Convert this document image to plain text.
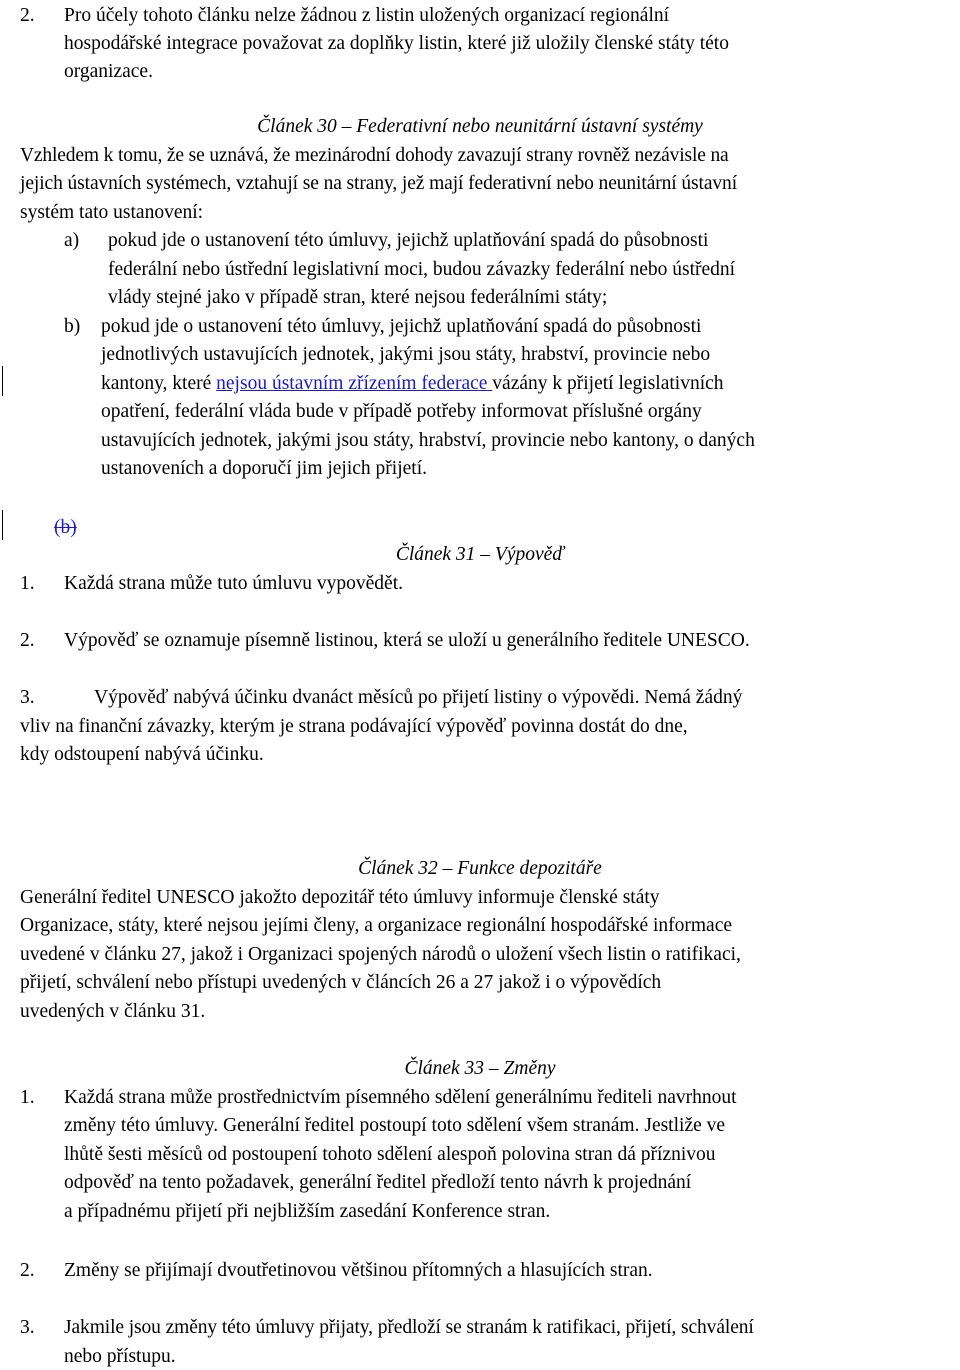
2. Pro účely tohoto článku nelze žádnou z listin uložených organizací regionální
hospodářské integrace považovat za doplňky listin, které již uložily členské státy této
organizace.
Článek 30 – Federativní nebo neunitární ústavní systémy
Vzhledem k tomu, že se uznává, že mezinárodní dohody zavazují strany rovněž nezávisle na
jejich ústavních systémech, vztahují se na strany, jež mají federativní nebo neunitární ústavní
systém tato ustanovení:
a) pokud jde o ustanovení této úmluvy, jejichž uplatňování spadá do působnosti
federální nebo ústřední legislativní moci, budou závazky federální nebo ústřední
vlády stejné jako v případě stran, které nejsou federálními státy;
b) pokud jde o ustanovení této úmluvy, jejichž uplatňování spadá do působnosti
jednotlivých ustavujících jednotek, jakými jsou státy, hrabství, provincie nebo
kantony, které nejsou ústavním zřízením federace vázány k přijetí legislativních
opatření, federální vláda bude v případě potřeby informovat příslušné orgány
ustavujících jednotek, jakými jsou státy, hrabství, provincie nebo kantony, o daných
ustanoveních a doporučí jim jejich přijetí.
(b)
Článek 31 – Výpověď
1. Každá strana může tuto úmluvu vypovědět.
2. Výpověď se oznamuje písemně listinou, která se uloží u generálního ředitele UNESCO.
3.	Výpověď nabývá účinku dvanáct měsíců po přijetí listiny o výpovědi. Nemá žádný
vliv na finanční závazky, kterým je strana podávající výpověď povinna dostát do dne,
kdy odstoupení nabývá účinku.
Článek 32 – Funkce depozitáře
Generální ředitel UNESCO jakožto depozitář této úmluvy informuje členské státy
Organizace, státy, které nejsou jejími členy, a organizace regionální hospodářské informace
uvedené v článku 27, jakož i Organizaci spojených národů o uložení všech listin o ratifikaci,
přijetí, schválení nebo přístupi uvedených v článcích 26 a 27 jakož i o výpovědích
uvedených v článku 31.
Článek 33 – Změny
1. Každá strana může prostřednictvím písemného sdělení generálnímu řediteli navrhnout
změny této úmluvy. Generální ředitel postoupí toto sdělení všem stranám. Jestliže ve
lhůtě šesti měsíců od postoupení tohoto sdělení alespoň polovina stran dá příznivou
odpověď na tento požadavek, generální ředitel předloží tento návrh k projednání
a případnému přijetí při nejbližším zasedání Konference stran.
2. Změny se přijímají dvoutřetinovou většinou přítomných a hlasujících stran.
3. Jakmile jsou změny této úmluvy přijaty, předloží se stranám k ratifikaci, přijetí, schválení
nebo přístupu.
